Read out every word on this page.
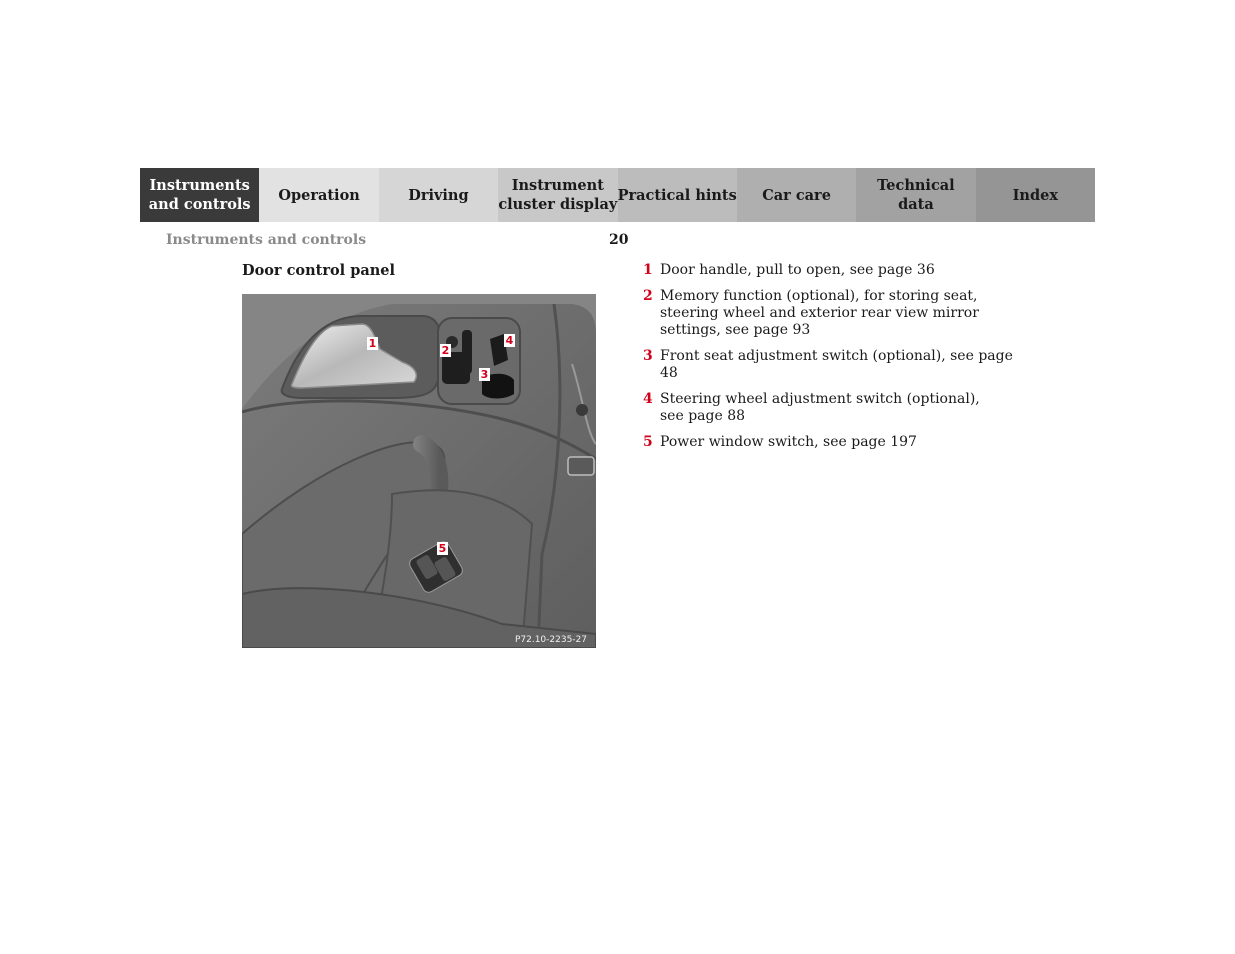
Instruments
and controls
Operation	Driving
Instrument
cluster display
Practical hints	Car care
Technical
data
Index
Instruments and controls	20
Door control panel
1
2
3
4
5
P72.10-2235-27
1 Door handle, pull to open, see page 36
2 Memory function (optional), for storing seat,
steering wheel and exterior rear view mirror
settings, see page 93
3 Front seat adjustment switch (optional), see page 48
4 Steering wheel adjustment switch (optional),
see page 88
5 Power window switch, see page 197
